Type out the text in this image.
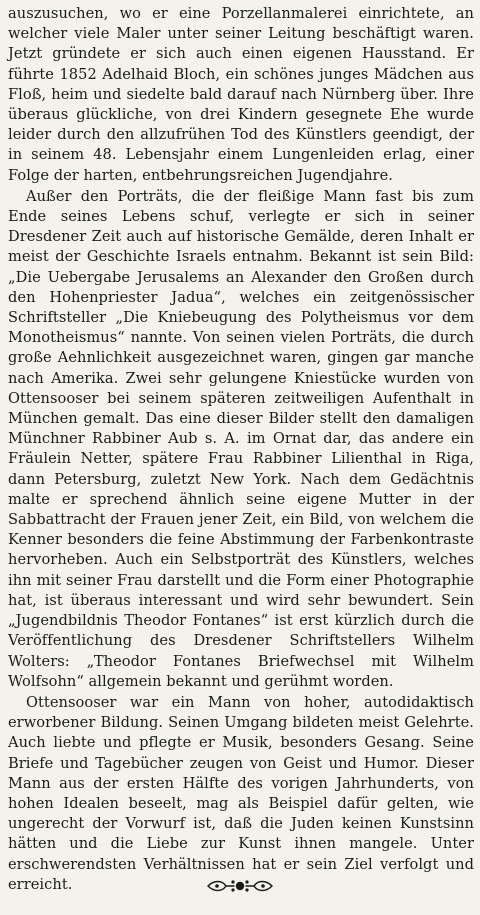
auszusuchen, wo er eine Porzellanmalerei einrichtete, an welcher viele Maler unter seiner Leitung beschäftigt waren. Jetzt gründete er sich auch einen eigenen Hausstand. Er führte 1852 Adelhaid Bloch, ein schönes junges Mädchen aus Floß, heim und siedelte bald darauf nach Nürnberg über. Ihre überaus glückliche, von drei Kindern gesegnete Ehe wurde leider durch den allzufrühen Tod des Künstlers geendigt, der in seinem 48. Lebensjahr einem Lungenleiden erlag, einer Folge der harten, entbehrungsreichen Jugendjahre.

Außer den Porträts, die der fleißige Mann fast bis zum Ende seines Lebens schuf, verlegte er sich in seiner Dresdener Zeit auch auf historische Gemälde, deren Inhalt er meist der Geschichte Israels entnahm. Bekannt ist sein Bild: „Die Uebergabe Jerusalems an Alexander den Großen durch den Hohenpriester Jadua“, welches ein zeitgenössischer Schriftsteller „Die Kniebeugung des Polytheismus vor dem Monotheismus“ nannte. Von seinen vielen Porträts, die durch große Aehnlichkeit ausgezeichnet waren, gingen gar manche nach Amerika. Zwei sehr gelungene Kniestücke wurden von Ottensooser bei seinem späteren zeitweiligen Aufenthalt in München gemalt. Das eine dieser Bilder stellt den damaligen Münchner Rabbiner Aub s. A. im Ornat dar, das andere ein Fräulein Netter, spätere Frau Rabbiner Lilienthal in Riga, dann Petersburg, zuletzt New York. Nach dem Gedächtnis malte er sprechend ähnlich seine eigene Mutter in der Sabbattracht der Frauen jener Zeit, ein Bild, von welchem die Kenner besonders die feine Abstimmung der Farbenkontraste hervorheben. Auch ein Selbstporträt des Künstlers, welches ihn mit seiner Frau darstellt und die Form einer Photographie hat, ist überaus interessant und wird sehr bewundert. Sein „Jugendbildnis Theodor Fontanes“ ist erst kürzlich durch die Veröffentlichung des Dresdener Schriftstellers Wilhelm Wolters: „Theodor Fontanes Briefwechsel mit Wilhelm Wolfsohn“ allgemein bekannt und gerühmt worden.

Ottensooser war ein Mann von hoher, autodidaktisch erworbener Bildung. Seinen Umgang bildeten meist Gelehrte. Auch liebte und pflegte er Musik, besonders Gesang. Seine Briefe und Tagebücher zeugen von Geist und Humor. Dieser Mann aus der ersten Hälfte des vorigen Jahrhunderts, von hohen Idealen beseelt, mag als Beispiel dafür gelten, wie ungerecht der Vorwurf ist, daß die Juden keinen Kunstsinn hätten und die Liebe zur Kunst ihnen mangele. Unter erschwerendsten Verhältnissen hat er sein Ziel verfolgt und erreicht.
